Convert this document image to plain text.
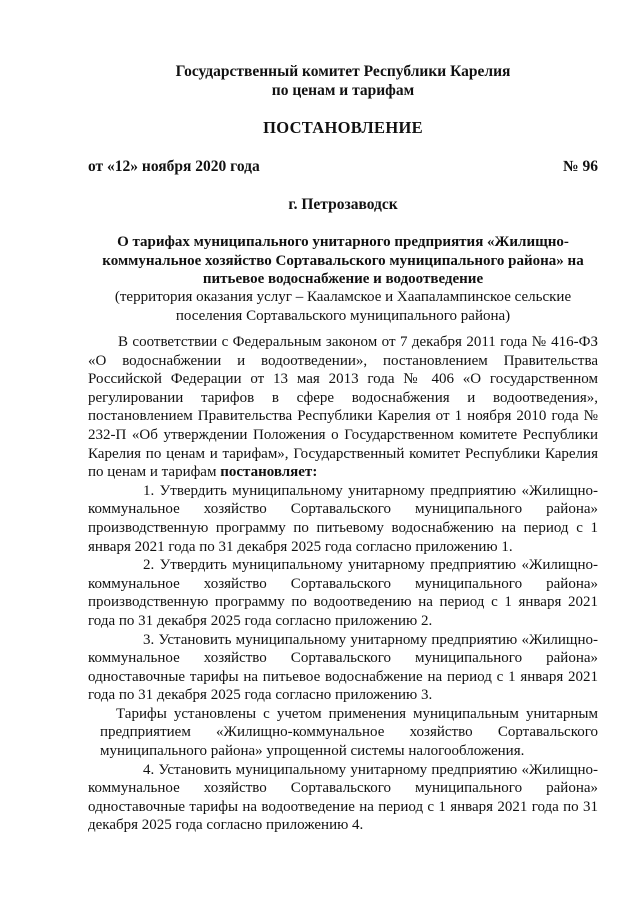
Государственный комитет Республики Карелия
по ценам и тарифам
ПОСТАНОВЛЕНИЕ
от «12» ноября 2020 года	№ 96
г. Петрозаводск
О тарифах муниципального унитарного предприятия «Жилищно-коммунальное хозяйство Сортавальского муниципального района» на питьевое водоснабжение и водоотведение
(территория оказания услуг – Кааламское и Хаапалампинское сельские поселения Сортавальского муниципального района)

В соответствии с Федеральным законом от 7 декабря 2011 года № 416-ФЗ «О водоснабжении и водоотведении», постановлением Правительства Российской Федерации от 13 мая 2013 года № 406 «О государственном регулировании тарифов в сфере водоснабжения и водоотведения», постановлением Правительства Республики Карелия от 1 ноября 2010 года № 232-П «Об утверждении Положения о Государственном комитете Республики Карелия по ценам и тарифам», Государственный комитет Республики Карелия по ценам и тарифам постановляет:

1. Утвердить муниципальному унитарному предприятию «Жилищно-коммунальное хозяйство Сортавальского муниципального района» производственную программу по питьевому водоснабжению на период с 1 января 2021 года по 31 декабря 2025 года согласно приложению 1.

2. Утвердить муниципальному унитарному предприятию «Жилищно-коммунальное хозяйство Сортавальского муниципального района» производственную программу по водоотведению на период с 1 января 2021 года по 31 декабря 2025 года согласно приложению 2.

3. Установить муниципальному унитарному предприятию «Жилищно-коммунальное хозяйство Сортавальского муниципального района» одноставочные тарифы на питьевое водоснабжение на период с 1 января 2021 года по 31 декабря 2025 года согласно приложению 3.

Тарифы установлены с учетом применения муниципальным унитарным предприятием «Жилищно-коммунальное хозяйство Сортавальского муниципального района» упрощенной системы налогообложения.

4. Установить муниципальному унитарному предприятию «Жилищно-коммунальное хозяйство Сортавальского муниципального района» одноставочные тарифы на водоотведение на период с 1 января 2021 года по 31 декабря 2025 года согласно приложению 4.
